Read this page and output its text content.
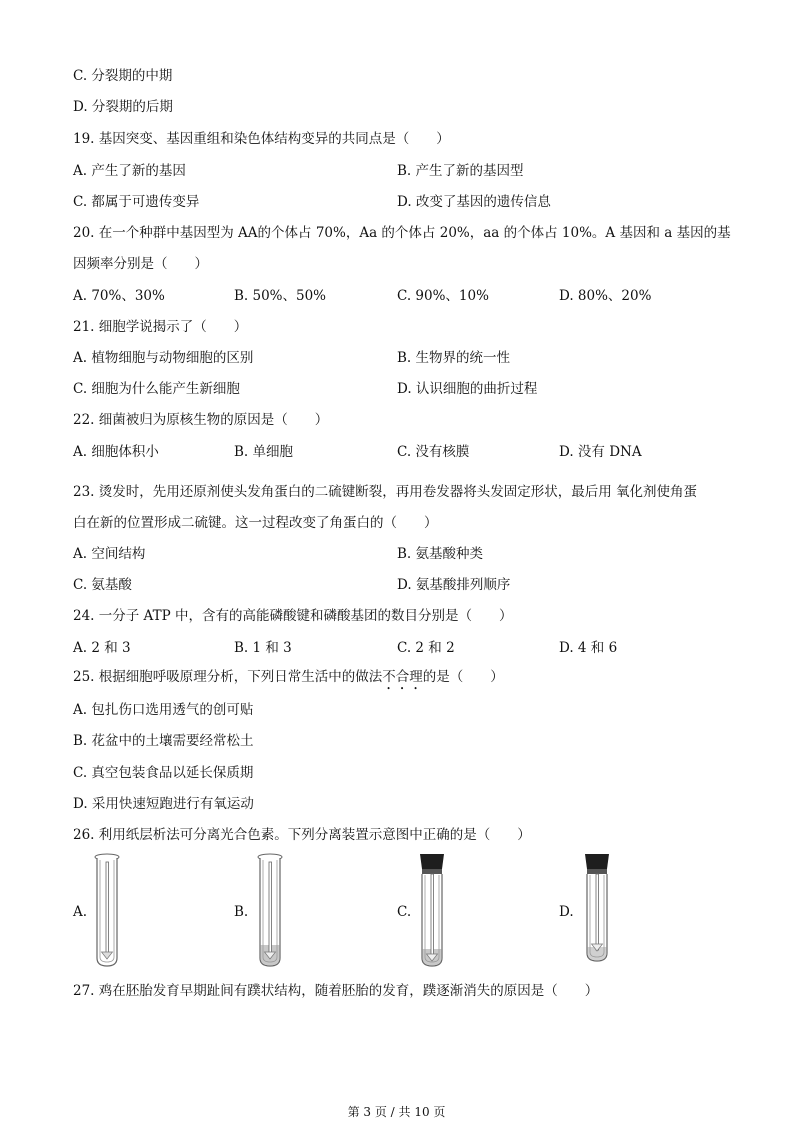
C. 分裂期的中期
D. 分裂期的后期
19. 基因突变、基因重组和染色体结构变异的共同点是（　　）
A. 产生了新的基因	B. 产生了新的基因型
C. 都属于可遗传变异	D. 改变了基因的遗传信息
20. 在一个种群中基因型为 AA的个体占 70%，Aa 的个体占 20%，aa 的个体占 10%。A 基因和 a 基因的基
因频率分别是（　　）
A. 70%、30%	B. 50%、50%	C. 90%、10%	D. 80%、20%
21. 细胞学说揭示了（　　）
A. 植物细胞与动物细胞的区别	B. 生物界的统一性
C. 细胞为什么能产生新细胞	D. 认识细胞的曲折过程
22. 细菌被归为原核生物的原因是（　　）
A. 细胞体积小	B. 单细胞	C. 没有核膜	D. 没有 DNA
23. 烫发时，先用还原剂使头发角蛋白的二硫键断裂，再用卷发器将头发固定形状，最后用 氧化剂使角蛋
白在新的位置形成二硫键。这一过程改变了角蛋白的（　　）
A. 空间结构	B. 氨基酸种类
C. 氨基酸	D. 氨基酸排列顺序
24. 一分子 ATP 中，含有的高能磷酸键和磷酸基团的数目分别是（　　）
A. 2 和 3	B. 1 和 3	C. 2 和 2	D. 4 和 6
25. 根据细胞呼吸原理分析，下列日常生活中的做法不合理的是（　　）
A. 包扎伤口选用透气的创可贴
B. 花盆中的土壤需要经常松土
C. 真空包装食品以延长保质期
D. 采用快速短跑进行有氧运动
26. 利用纸层析法可分离光合色素。下列分离装置示意图中正确的是（　　）
A.	B.	C.	D.
27. 鸡在胚胎发育早期趾间有蹼状结构，随着胚胎的发育，蹼逐渐消失的原因是（　　）
第 3 页 / 共 10 页
